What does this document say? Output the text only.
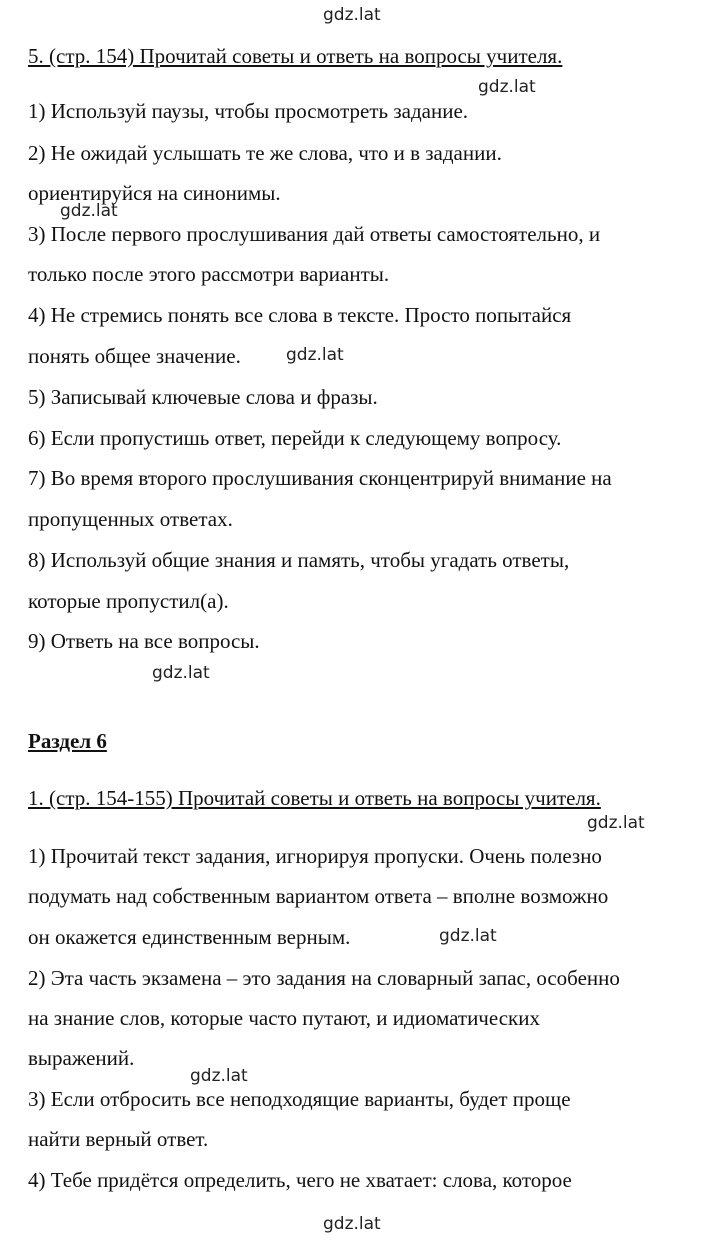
gdz.lat
gdz.lat
gdz.lat
gdz.lat
gdz.lat
gdz.lat
gdz.lat
gdz.lat
gdz.lat
5. (стр. 154) Прочитай советы и ответь на вопросы учителя.
1) Используй паузы, чтобы просмотреть задание.
2) Не ожидай услышать те же слова, что и в задании.
ориентируйся на синонимы.
3) После первого прослушивания дай ответы самостоятельно, и
только после этого рассмотри варианты.
4) Не стремись понять все слова в тексте. Просто попытайся
понять общее значение.
5) Записывай ключевые слова и фразы.
6) Если пропустишь ответ, перейди к следующему вопросу.
7) Во время второго прослушивания сконцентрируй внимание на
пропущенных ответах.
8) Используй общие знания и память, чтобы угадать ответы,
которые пропустил(а).
9) Ответь на все вопросы.
Раздел 6
1. (стр. 154-155) Прочитай советы и ответь на вопросы учителя.
1) Прочитай текст задания, игнорируя пропуски. Очень полезно
подумать над собственным вариантом ответа – вполне возможно
он окажется единственным верным.
2) Эта часть экзамена – это задания на словарный запас, особенно
на знание слов, которые часто путают, и идиоматических
выражений.
3) Если отбросить все неподходящие варианты, будет проще
найти верный ответ.
4) Тебе придётся определить, чего не хватает: слова, которое
